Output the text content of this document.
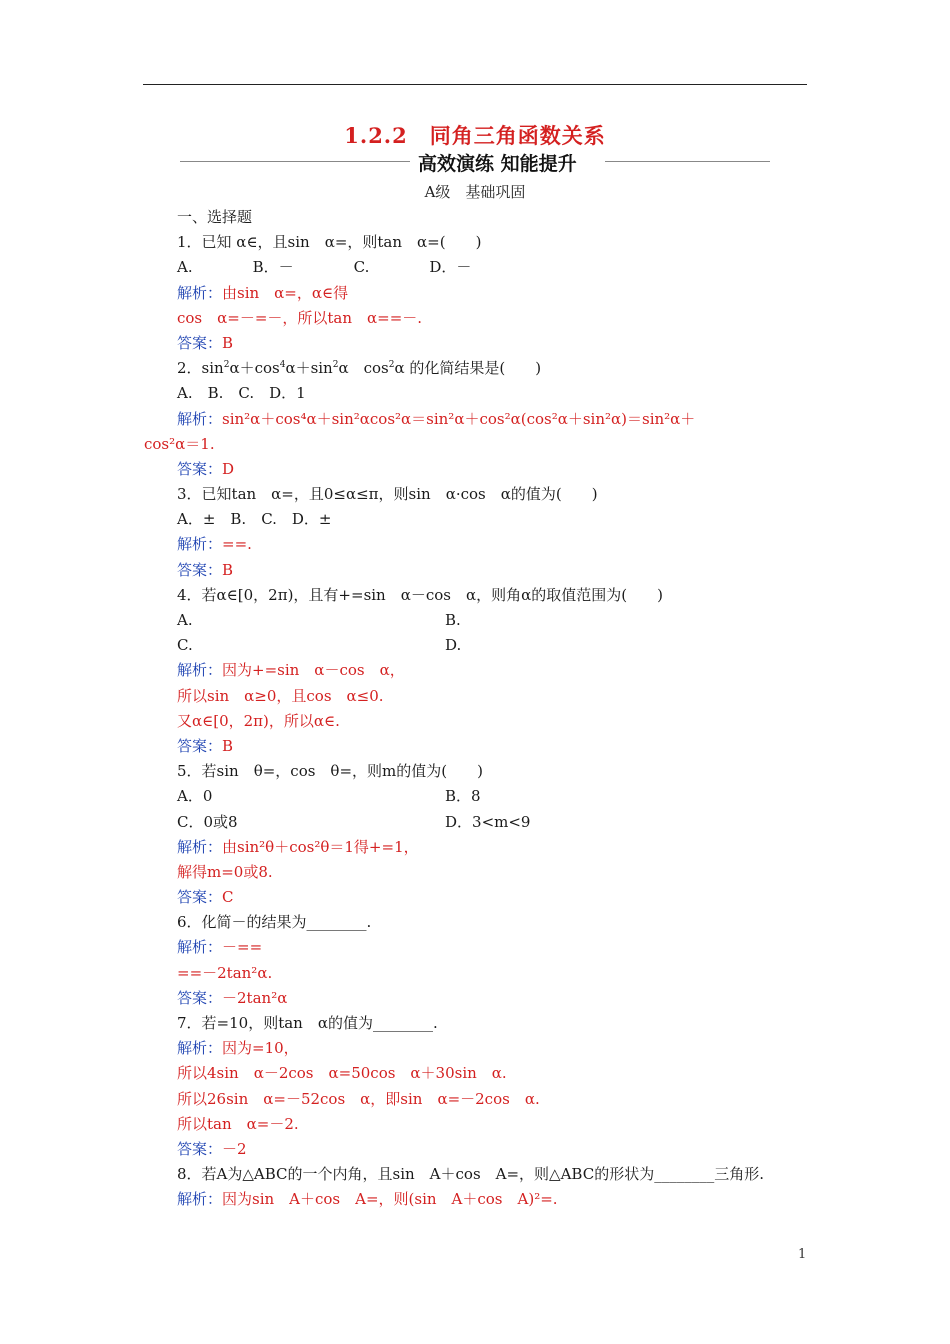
1.2.2　同角三角函数关系
高效演练 知能提升
A级　基础巩固
一、选择题
1．已知 α∈，且sin　α=，则tan　α=(　　)
A.　　　　B．－　　　　C.　　　　D．－
解析：由sin　α=，α∈得
cos　α=－=－，所以tan　α==－.
答案：B
2．$\sin^2\alpha+\cos^4\alpha+\sin^2\alpha$　$\cos^2\alpha$ 的化简结果是(　　)
A.　B.　C.　D．1
解析：sin²α＋cos⁴α＋sin²αcos²α＝sin²α＋cos²α(cos²α＋sin²α)＝sin²α＋
cos²α＝1.
答案：D
3．已知tan　α=，且0≤α≤π，则sin　α·cos　α的值为(　　)
A．±　B.　C.　D．±
解析：==.
答案：B
4．若α∈[0，2π)，且有+=sin　α－cos　α，则角α的取值范围为(　　)
A.	B.
C.	D.
解析：因为+=sin　α－cos　α，
所以sin　α≥0，且cos　α≤0.
又α∈[0，2π)，所以α∈.
答案：B
5．若sin　θ=，cos　θ=，则m的值为(　　)
A．0	B．8
C．0或8	D．3<m<9
解析：由sin²θ＋cos²θ＝1得+=1，
解得m=0或8.
答案：C
6．化简－的结果为________.
解析：－==
==－2tan²α.
答案：－2tan²α
7．若=10，则tan　α的值为________.
解析：因为=10，
所以4sin　α－2cos　α=50cos　α＋30sin　α.
所以26sin　α=－52cos　α，即sin　α=－2cos　α.
所以tan　α=－2.
答案：－2
8．若A为△ABC的一个内角，且sin　A＋cos　A=，则△ABC的形状为________三角形.
解析：因为sin　A＋cos　A=，则(sin　A＋cos　A)²=.
1
